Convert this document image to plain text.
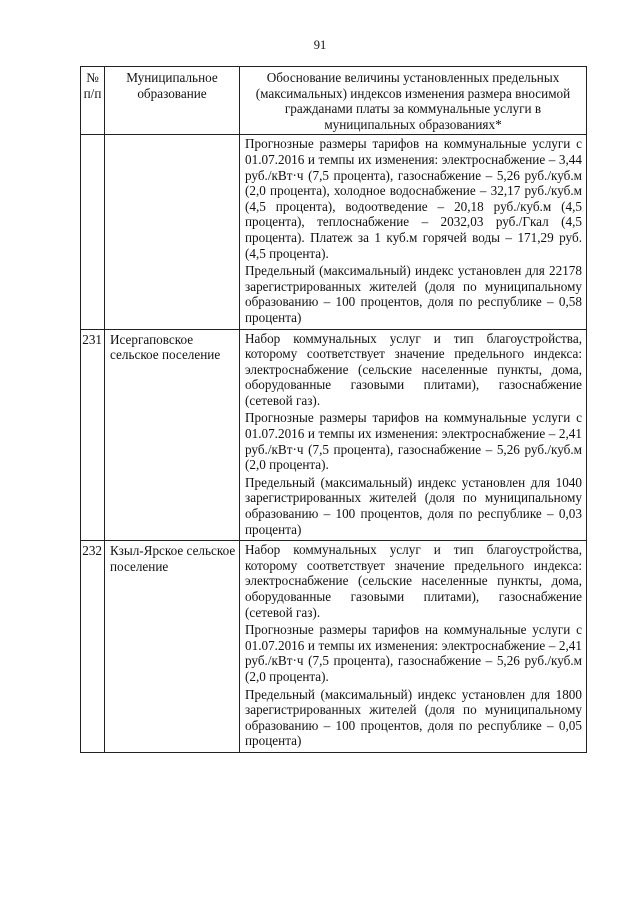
91
№ п/п	Муниципальное образование	Обоснование величины установленных предельных (максимальных) индексов изменения размера вносимой гражданами платы за коммунальные услуги в муниципальных образованиях*

		Прогнозные размеры тарифов на коммунальные услуги с 01.07.2016 и темпы их изменения: электроснабжение – 3,44 руб./кВт·ч (7,5 процента), газоснабжение – 5,26 руб./куб.м (2,0 процента), холодное водоснабжение – 32,17 руб./куб.м (4,5 процента), водоотведение – 20,18 руб./куб.м (4,5 процента), теплоснабжение – 2032,03 руб./Гкал (4,5 процента). Платеж за 1 куб.м горячей воды – 171,29 руб. (4,5 процента).

Предельный (максимальный) индекс установлен для 22178 зарегистрированных жителей (доля по муниципальному образованию – 100 процентов, доля по республике – 0,58 процента)

231	Исергаповское сельское поселение	Набор коммунальных услуг и тип благоустройства, которому соответствует значение предельного индекса: электроснабжение (сельские населенные пункты, дома, оборудованные газовыми плитами), газоснабжение (сетевой газ).

Прогнозные размеры тарифов на коммунальные услуги с 01.07.2016 и темпы их изменения: электроснабжение – 2,41 руб./кВт·ч (7,5 процента), газоснабжение – 5,26 руб./куб.м (2,0 процента).

Предельный (максимальный) индекс установлен для 1040 зарегистрированных жителей (доля по муниципальному образованию – 100 процентов, доля по республике – 0,03 процента)

232	Кзыл-Ярское сельское поселение	Набор коммунальных услуг и тип благоустройства, которому соответствует значение предельного индекса: электроснабжение (сельские населенные пункты, дома, оборудованные газовыми плитами), газоснабжение (сетевой газ).

Прогнозные размеры тарифов на коммунальные услуги с 01.07.2016 и темпы их изменения: электроснабжение – 2,41 руб./кВт·ч (7,5 процента), газоснабжение – 5,26 руб./куб.м (2,0 процента).

Предельный (максимальный) индекс установлен для 1800 зарегистрированных жителей (доля по муниципальному образованию – 100 процентов, доля по республике – 0,05 процента)
